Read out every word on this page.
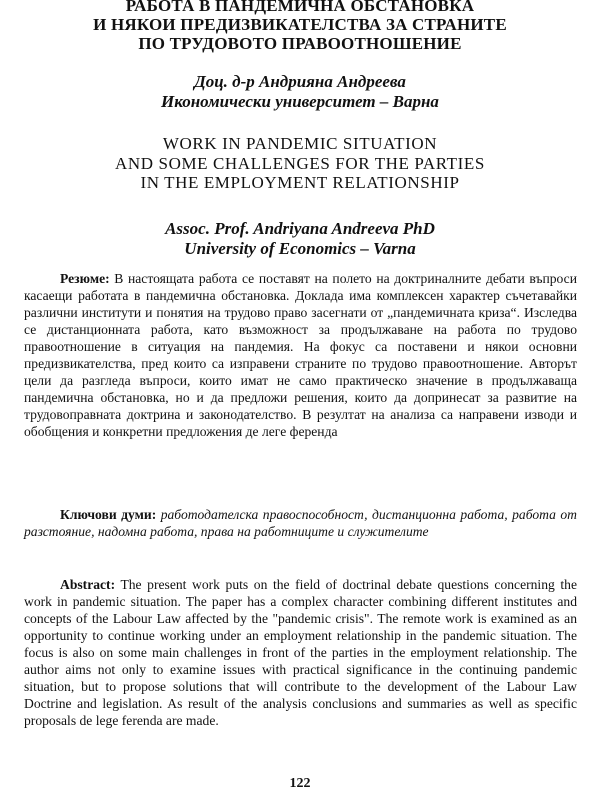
РАБОТА В ПАНДЕМИЧНА ОБСТАНОВКА
И НЯКОИ ПРЕДИЗВИКАТЕЛСТВА ЗА СТРАНИТЕ
ПО ТРУДОВОТО ПРАВООТНОШЕНИЕ
Доц. д-р Андрияна Андреева
Икономически университет – Варна
WORK IN PANDEMIC SITUATION
AND SOME CHALLENGES FOR THE PARTIES
IN THE EMPLOYMENT RELATIONSHIP
Assoc. Prof. Andriyana Andreeva PhD
University of Economics – Varna
Резюме: В настоящата работа се поставят на полето на доктриналните дебати въпроси касаещи работата в пандемична обстановка. Доклада има комплексен характер съчетавайки различни институти и понятия на трудово право засегнати от „пандемичната криза“. Изследва се дистанционната работа, като възможност за продължаване на работа по трудово правоотношение в ситуация на пандемия. На фокус са поставени и някои основни предизвикателства, пред които са изправени страните по трудово правоотношение. Авторът цели да разгледа въпроси, които имат не само практическо значение в продължаваща пандемична обстановка, но и да предложи решения, които да допринесат за развитие на трудовоправната доктрина и законодателство. В резултат на анализа са направени изводи и обобщения и конкретни предложения де леге ференда
Ключови думи: работодателска правоспособност, дистанционна работа, работа от разстояние, надомна работа, права на работниците и служителите
Abstract: The present work puts on the field of doctrinal debate questions concerning the work in pandemic situation. The paper has a complex character combining different institutes and concepts of the Labour Law affected by the "pandemic crisis". The remote work is examined as an opportunity to continue working under an employment relationship in the pandemic situation. The focus is also on some main challenges in front of the parties in the employment relationship. The author aims not only to examine issues with practical significance in the continuing pandemic situation, but to propose solutions that will contribute to the development of the Labour Law Doctrine and legislation. As result of the analysis conclusions and summaries as well as specific proposals de lege ferenda are made.
122
